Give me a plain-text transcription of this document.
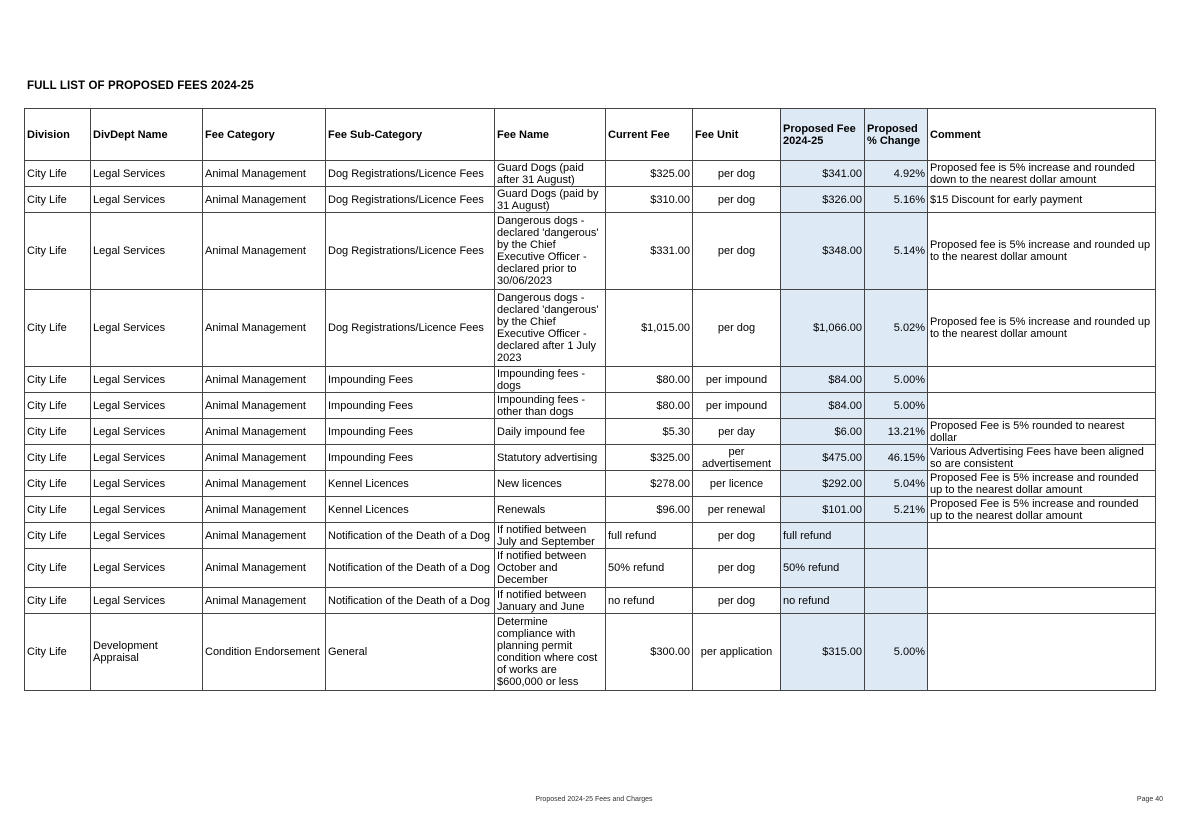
FULL LIST OF PROPOSED FEES 2024-25
Division	DivDept Name	Fee Category	Fee Sub-Category	Fee Name	Current Fee	Fee Unit	Proposed Fee 2024-25	Proposed % Change	Comment
City Life	Legal Services	Animal Management	Dog Registrations/Licence Fees	Guard Dogs (paid after 31 August)	$325.00	per dog	$341.00	4.92%	Proposed fee is 5% increase and rounded down to the nearest dollar amount
City Life	Legal Services	Animal Management	Dog Registrations/Licence Fees	Guard Dogs (paid by 31 August)	$310.00	per dog	$326.00	5.16%	$15 Discount for early payment
City Life	Legal Services	Animal Management	Dog Registrations/Licence Fees	Dangerous dogs - declared 'dangerous' by the Chief Executive Officer - declared prior to 30/06/2023	$331.00	per dog	$348.00	5.14%	Proposed fee is 5% increase and rounded up to the nearest dollar amount
City Life	Legal Services	Animal Management	Dog Registrations/Licence Fees	Dangerous dogs - declared 'dangerous' by the Chief Executive Officer - declared after 1 July 2023	$1,015.00	per dog	$1,066.00	5.02%	Proposed fee is 5% increase and rounded up to the nearest dollar amount
City Life	Legal Services	Animal Management	Impounding Fees	Impounding fees - dogs	$80.00	per impound	$84.00	5.00%	
City Life	Legal Services	Animal Management	Impounding Fees	Impounding fees - other than dogs	$80.00	per impound	$84.00	5.00%	
City Life	Legal Services	Animal Management	Impounding Fees	Daily impound fee	$5.30	per day	$6.00	13.21%	Proposed Fee is 5% rounded to nearest dollar
City Life	Legal Services	Animal Management	Impounding Fees	Statutory advertising	$325.00	per advertisement	$475.00	46.15%	Various Advertising Fees have been aligned so are consistent
City Life	Legal Services	Animal Management	Kennel Licences	New licences	$278.00	per licence	$292.00	5.04%	Proposed Fee is 5% increase and rounded up to the nearest dollar amount
City Life	Legal Services	Animal Management	Kennel Licences	Renewals	$96.00	per renewal	$101.00	5.21%	Proposed Fee is 5% increase and rounded up to the nearest dollar amount
City Life	Legal Services	Animal Management	Notification of the Death of a Dog	If notified between July and September	full refund	per dog	full refund		
City Life	Legal Services	Animal Management	Notification of the Death of a Dog	If notified between October and December	50% refund	per dog	50% refund		
City Life	Legal Services	Animal Management	Notification of the Death of a Dog	If notified between January and June	no refund	per dog	no refund		
City Life	Development Appraisal	Condition Endorsement	General	Determine compliance with planning permit condition where cost of works are $600,000 or less	$300.00	per application	$315.00	5.00%	
Proposed 2024-25 Fees and Charges	Page 40
